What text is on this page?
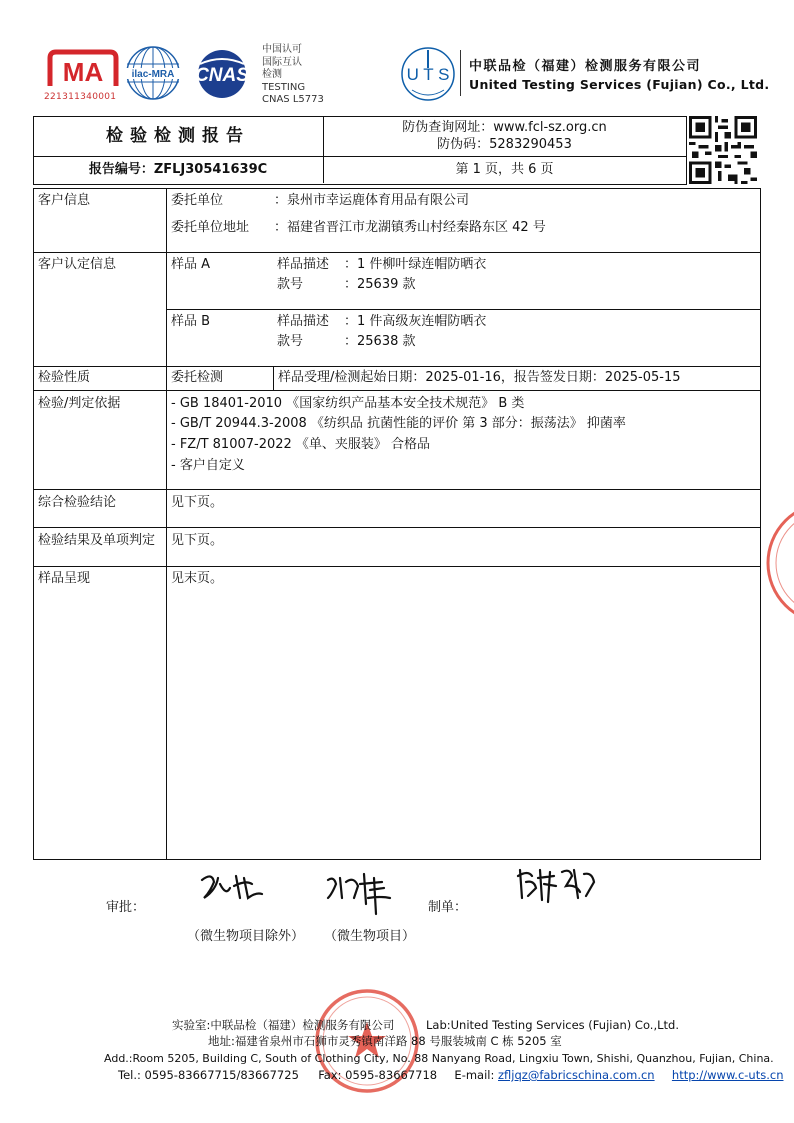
MA
221311340001
ilac-MRA CNAS
中国认可
国际互认
检测
TESTING
CNAS L5773
U T S 中联品检（福建）检测服务有限公司
United Testing Services (Fujian) Co., Ltd.
检验检测报告	防伪查询网址：www.fcl-sz.org.cn
防伪码：5283290453
报告编号：ZFLJ30541639C	第 1 页，共 6 页
客户信息	委托单位	：泉州市幸运鹿体育用品有限公司
委托单位地址 ：福建省晋江市龙湖镇秀山村经秦路东区 42 号
客户认定信息	样品 A	样品描述 ：1 件柳叶绿连帽防晒衣
款号	：25639 款
样品 B	样品描述 ：1 件高级灰连帽防晒衣
款号	：25638 款
检验性质	委托检测	样品受理/检测起始日期：2025-01-16，报告签发日期：2025-05-15
检验/判定依据	- GB 18401-2010 《国家纺织产品基本安全技术规范》 B 类
- GB/T 20944.3-2008 《纺织品 抗菌性能的评价 第 3 部分：振荡法》 抑菌率
- FZ/T 81007-2022 《单、夹服装》 合格品
- 客户自定义
综合检验结论	见下页。
检验结果及单项判定 见下页。
样品呈现	见末页。
审批：
（微生物项目除外） （微生物项目）
制单：
实验室:中联品检（福建）检测服务有限公司	Lab:United Testing Services (Fujian) Co.,Ltd.
地址:福建省泉州市石狮市灵秀镇南洋路 88 号服装城南 C 栋 5205 室
Add.:Room 5205, Building C, South of Clothing City, No. 88 Nanyang Road, Lingxiu Town, Shishi, Quanzhou, Fujian, China.
Tel.: 0595-83667715/83667725 Fax: 0595-83667718 E-mail: zfljqz@fabricschina.com.cn http://www.c-uts.cn
